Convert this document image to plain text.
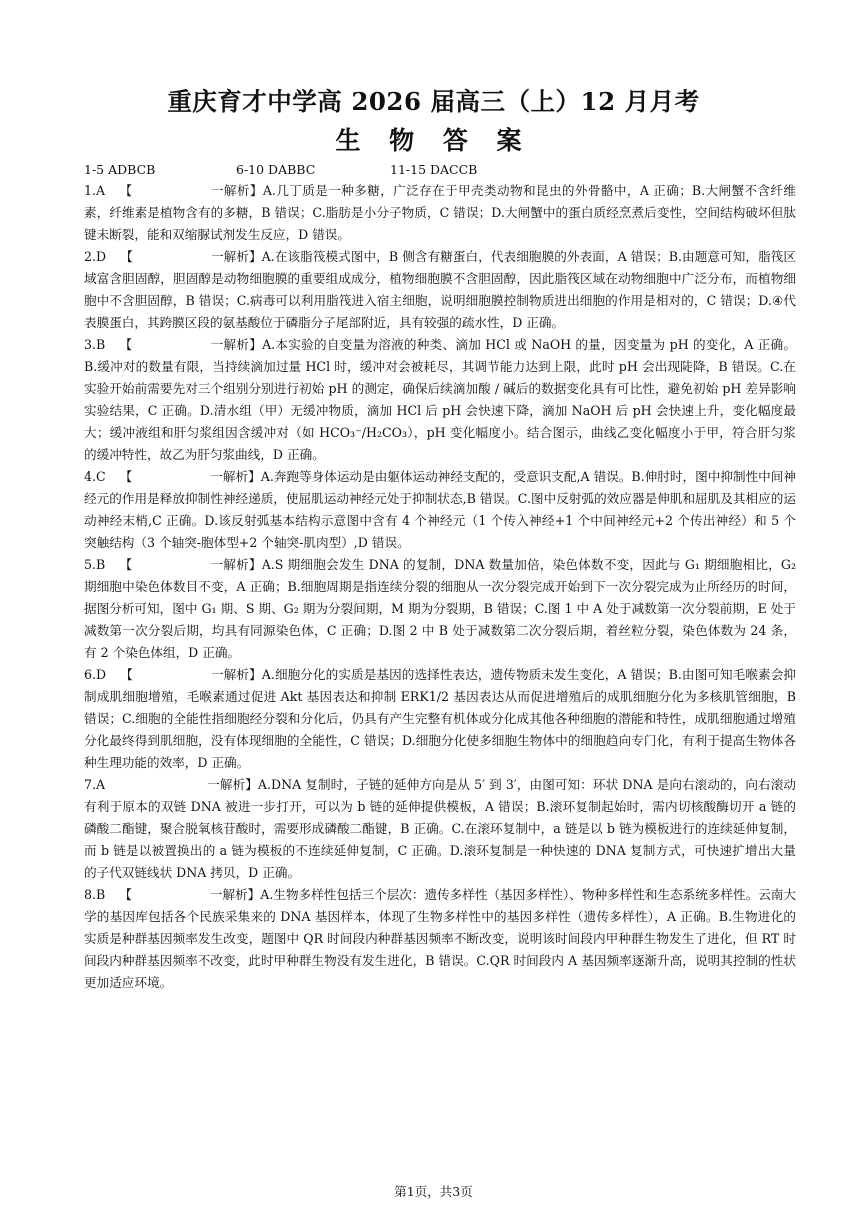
重庆育才中学高 2026 届高三（上）12 月月考
生 物 答 案
1-5 ADBCB	6-10 DABBC	11-15 DACCB

1.A 【	一解析】A.几丁质是一种多糖，广泛存在于甲壳类动物和昆虫的外骨骼中，A 正确；B.大闸蟹不含纤维素，纤维素是植物含有的多糖，B 错误；C.脂肪是小分子物质，C 错误；D.大闸蟹中的蛋白质经烹煮后变性，空间结构破坏但肽键未断裂，能和双缩脲试剂发生反应，D 错误。

2.D 【	一解析】A.在该脂筏模式图中，B 侧含有糖蛋白，代表细胞膜的外表面，A 错误；B.由题意可知，脂筏区域富含胆固醇，胆固醇是动物细胞膜的重要组成成分，植物细胞膜不含胆固醇，因此脂筏区域在动物细胞中广泛分布，而植物细胞中不含胆固醇，B 错误；C.病毒可以利用脂筏进入宿主细胞，说明细胞膜控制物质进出细胞的作用是相对的，C 错误；D.④代表膜蛋白，其跨膜区段的氨基酸位于磷脂分子尾部附近，具有较强的疏水性，D 正确。

3.B 【	一解析】A.本实验的自变量为溶液的种类、滴加 HCl 或 NaOH 的量，因变量为 pH 的变化，A 正确。B.缓冲对的数量有限，当持续滴加过量 HCl 时，缓冲对会被耗尽，其调节能力达到上限，此时 pH 会出现陡降，B 错误。C.在实验开始前需要先对三个组别分别进行初始 pH 的测定，确保后续滴加酸 / 碱后的数据变化具有可比性，避免初始 pH 差异影响实验结果，C 正确。D.清水组（甲）无缓冲物质，滴加 HCl 后 pH 会快速下降，滴加 NaOH 后 pH 会快速上升，变化幅度最大；缓冲液组和肝匀浆组因含缓冲对（如 HCO₃⁻/H₂CO₃），pH 变化幅度小。结合图示，曲线乙变化幅度小于甲，符合肝匀浆的缓冲特性，故乙为肝匀浆曲线，D 正确。

4.C 【	一解析】A.奔跑等身体运动是由躯体运动神经支配的，受意识支配,A 错误。B.伸肘时，图中抑制性中间神经元的作用是释放抑制性神经递质，使屈肌运动神经元处于抑制状态,B 错误。C.图中反射弧的效应器是伸肌和屈肌及其相应的运动神经末梢,C 正确。D.该反射弧基本结构示意图中含有 4 个神经元（1 个传入神经+1 个中间神经元+2 个传出神经）和 5 个突触结构（3 个轴突-胞体型+2 个轴突-肌肉型）,D 错误。

5.B 【	一解析】A.S 期细胞会发生 DNA 的复制，DNA 数量加倍，染色体数不变，因此与 G₁ 期细胞相比，G₂ 期细胞中染色体数目不变，A 正确；B.细胞周期是指连续分裂的细胞从一次分裂完成开始到下一次分裂完成为止所经历的时间，据图分析可知，图中 G₁ 期、S 期、G₂ 期为分裂间期，M 期为分裂期，B 错误；C.图 1 中 A 处于减数第一次分裂前期，E 处于减数第一次分裂后期，均具有同源染色体，C 正确；D.图 2 中 B 处于减数第二次分裂后期，着丝粒分裂，染色体数为 24 条，有 2 个染色体组，D 正确。

6.D 【	一解析】A.细胞分化的实质是基因的选择性表达，遗传物质未发生变化，A 错误；B.由图可知毛喉素会抑制成肌细胞增殖，毛喉素通过促进 Akt 基因表达和抑制 ERK1/2 基因表达从而促进增殖后的成肌细胞分化为多核肌管细胞，B 错误；C.细胞的全能性指细胞经分裂和分化后，仍具有产生完整有机体或分化成其他各种细胞的潜能和特性，成肌细胞通过增殖分化最终得到肌细胞，没有体现细胞的全能性，C 错误；D.细胞分化使多细胞生物体中的细胞趋向专门化，有利于提高生物体各种生理功能的效率，D 正确。

7.A	一解析】A.DNA 复制时，子链的延伸方向是从 5′ 到 3′，由图可知：环状 DNA 是向右滚动的，向右滚动有利于原本的双链 DNA 被进一步打开，可以为 b 链的延伸提供模板，A 错误；B.滚环复制起始时，需内切核酸酶切开 a 链的磷酸二酯键，聚合脱氧核苷酸时，需要形成磷酸二酯键，B 正确。C.在滚环复制中，a 链是以 b 链为模板进行的连续延伸复制，而 b 链是以被置换出的 a 链为模板的不连续延伸复制，C 正确。D.滚环复制是一种快速的 DNA 复制方式，可快速扩增出大量的子代双链线状 DNA 拷贝，D 正确。

8.B 【	一解析】A.生物多样性包括三个层次：遗传多样性（基因多样性）、物种多样性和生态系统多样性。云南大学的基因库包括各个民族采集来的 DNA 基因样本，体现了生物多样性中的基因多样性（遗传多样性），A 正确。B.生物进化的实质是种群基因频率发生改变，题图中 QR 时间段内种群基因频率不断改变，说明该时间段内甲种群生物发生了进化，但 RT 时间段内种群基因频率不改变，此时甲种群生物没有发生进化，B 错误。C.QR 时间段内 A 基因频率逐渐升高，说明其控制的性状更加适应环境。

第1页，共3页
